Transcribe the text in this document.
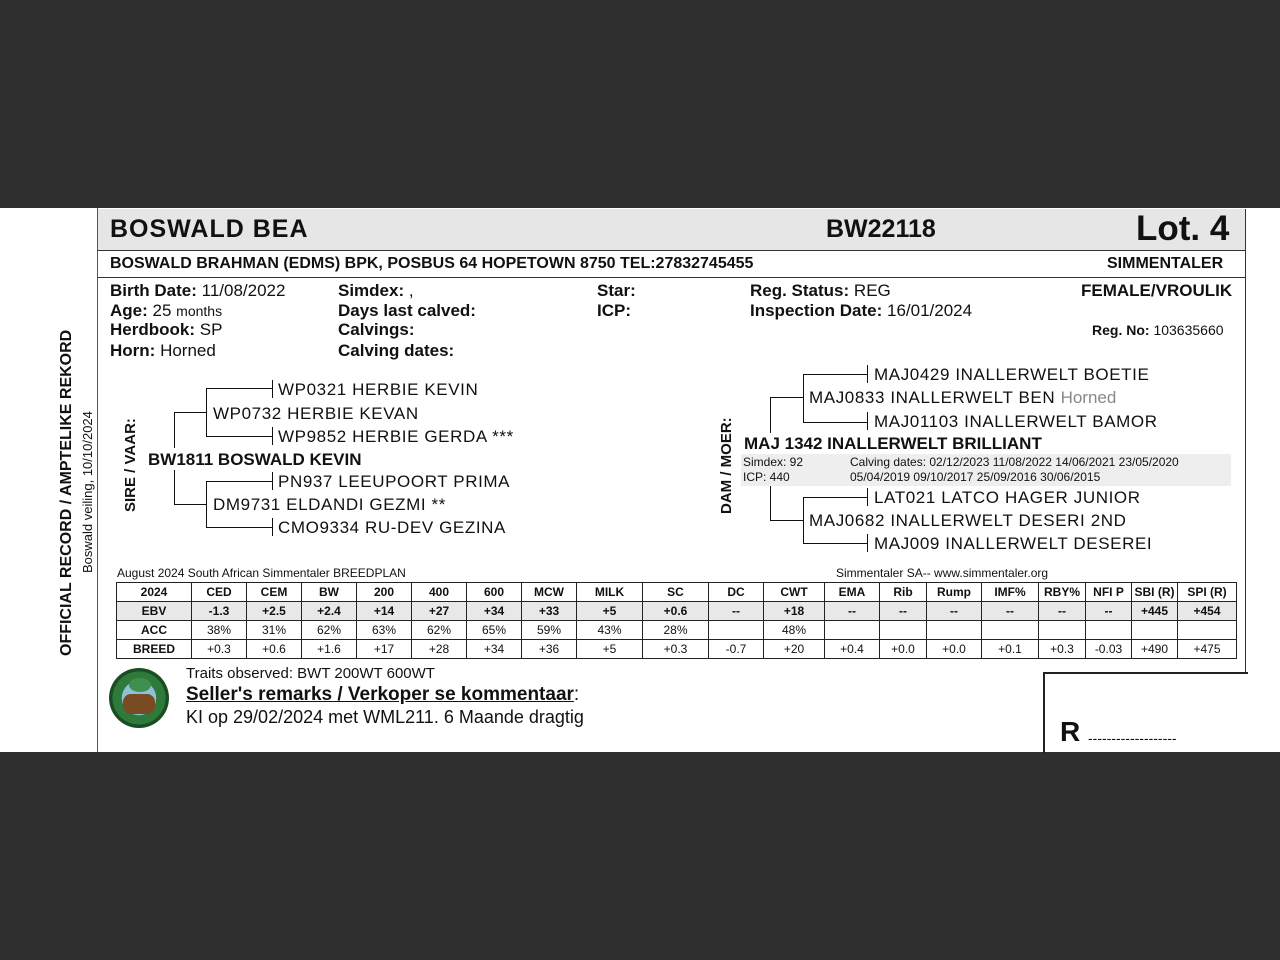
OFFICIAL RECORD / AMPTELIKE REKORD Boswald veiling, 10/10/2024
BOSWALD BEA	BW22118	Lot. 4
BOSWALD BRAHMAN (EDMS) BPK, POSBUS 64 HOPETOWN 8750 TEL:27832745455	SIMMENTALER
Birth Date: 11/08/2022
Age: 25 months
Herdbook: SP
Horn: Horned
Simdex: ,
Days last calved:
Calvings:
Calving dates:
Star:
ICP:
Reg. Status: REG
Inspection Date: 16/01/2024
FEMALE/VROULIK
Reg. No: 103635660
SIRE / VAAR:
WP0321 HERBIE KEVIN
WP0732 HERBIE KEVAN
WP9852 HERBIE GERDA ***
BW1811 BOSWALD KEVIN
PN937 LEEUPOORT PRIMA
DM9731 ELDANDI GEZMI **
CMO9334 RU-DEV GEZINA
DAM / MOER:
MAJ0429 INALLERWELT BOETIE
MAJ0833 INALLERWELT BEN Horned
MAJ01103 INALLERWELT BAMOR
MAJ 1342 INALLERWELT BRILLIANT
Simdex: 92
ICP: 440
Calving dates: 02/12/2023 11/08/2022 14/06/2021 23/05/2020
05/04/2019 09/10/2017 25/09/2016 30/06/2015
LAT021 LATCO HAGER JUNIOR
MAJ0682 INALLERWELT DESERI 2ND
MAJ009 INALLERWELT DESEREI
August 2024 South African Simmentaler BREEDPLAN	Simmentaler SA-- www.simmentaler.org
2024	CED	CEM	BW	200	400	600	MCW	MILK	SC	DC	CWT	EMA	Rib	Rump	IMF%	RBY%	NFI P	SBI (R)	SPI (R)
EBV	-1.3	+2.5	+2.4	+14	+27	+34	+33	+5	+0.6	--	+18	--	--	--	--	--	--	+445	+454
ACC	38%	31%	62%	63%	62%	65%	59%	43%	28%		48%								
BREED	+0.3	+0.6	+1.6	+17	+28	+34	+36	+5	+0.3	-0.7	+20	+0.4	+0.0	+0.0	+0.1	+0.3	-0.03	+490	+475
Traits observed: BWT 200WT 600WT
Seller's remarks / Verkoper se kommentaar:
KI op 29/02/2024 met WML211. 6 Maande dragtig	R -------------------
